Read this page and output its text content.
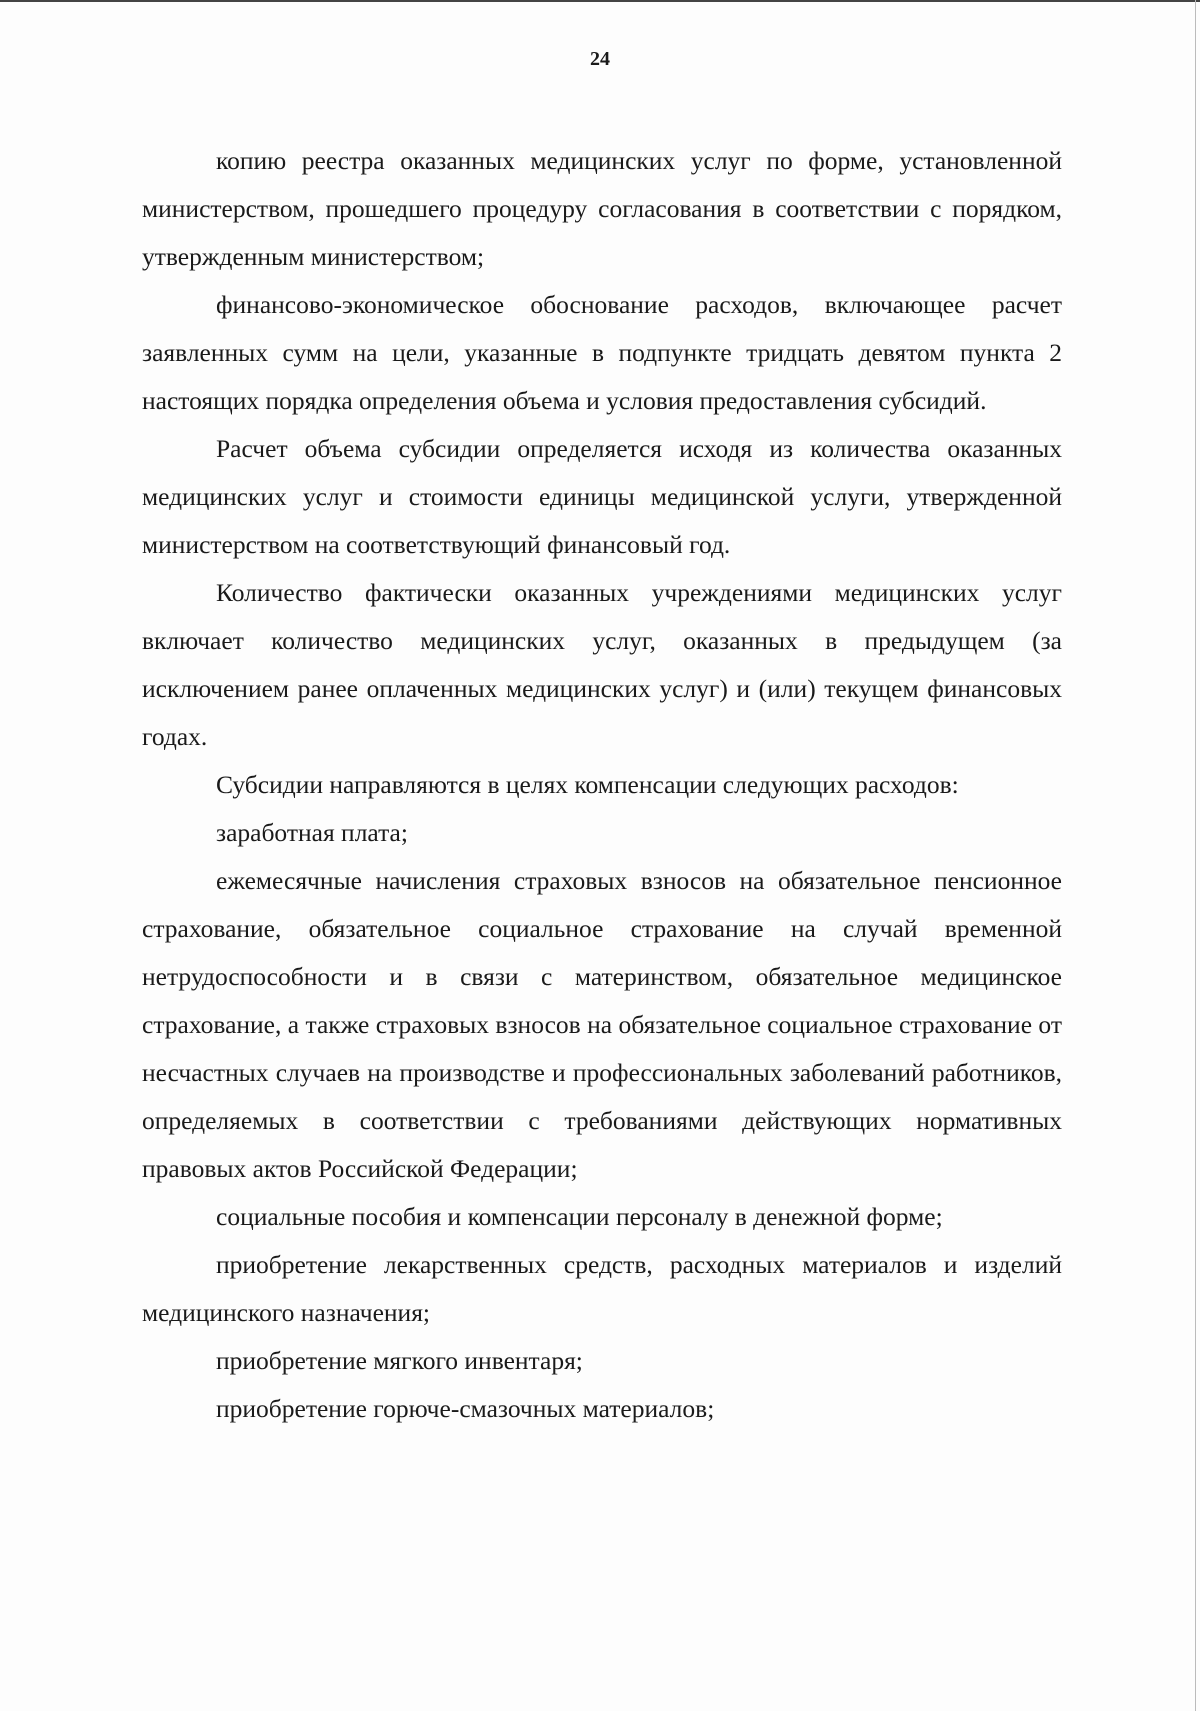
24

копию реестра оказанных медицинских услуг по форме, установленной министерством, прошедшего процедуру согласования в соответствии с порядком, утвержденным министерством;

финансово-экономическое обоснование расходов, включающее расчет заявленных сумм на цели, указанные в подпункте тридцать девятом пункта 2 настоящих порядка определения объема и условия предоставления субсидий.

Расчет объема субсидии определяется исходя из количества оказанных медицинских услуг и стоимости единицы медицинской услуги, утвержденной министерством на соответствующий финансовый год.

Количество фактически оказанных учреждениями медицинских услуг включает количество медицинских услуг, оказанных в предыдущем (за исключением ранее оплаченных медицинских услуг) и (или) текущем финансовых годах.

Субсидии направляются в целях компенсации следующих расходов:

заработная плата;

ежемесячные начисления страховых взносов на обязательное пенсионное страхование, обязательное социальное страхование на случай временной нетрудоспособности и в связи с материнством, обязательное медицинское страхование, а также страховых взносов на обязательное социальное страхование от несчастных случаев на производстве и профессиональных заболеваний работников, определяемых в соответствии с требованиями действующих нормативных правовых актов Российской Федерации;

социальные пособия и компенсации персоналу в денежной форме;

приобретение лекарственных средств, расходных материалов и изделий медицинского назначения;

приобретение мягкого инвентаря;

приобретение горюче-смазочных материалов;
